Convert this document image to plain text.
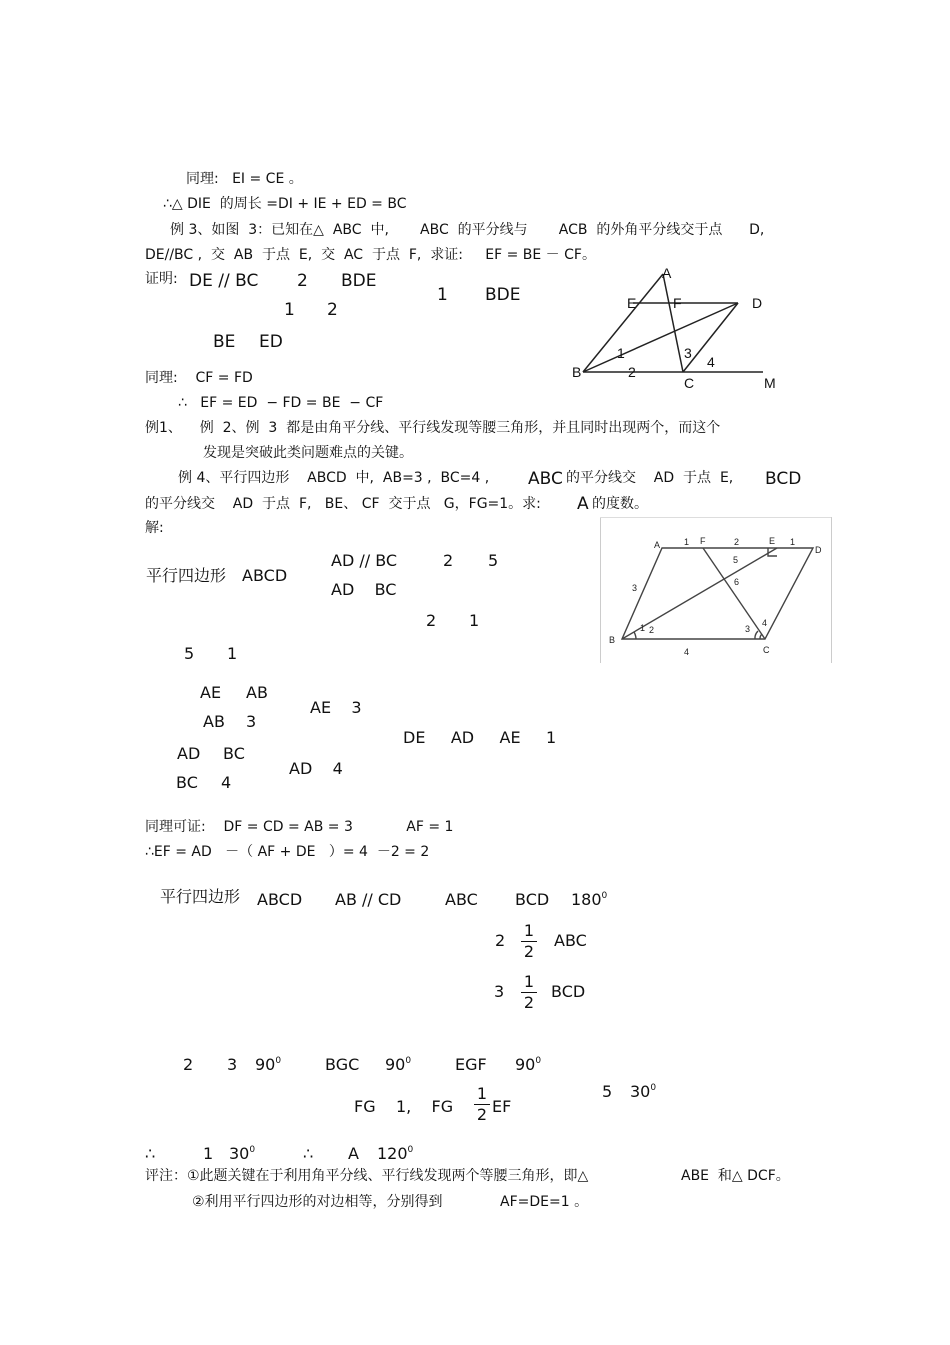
同理:   EI = CE 。
∴△ DIE  的周长 =DI + IE + ED = BC
例 3、如图  3：已知在△  ABC  中,       ABC  的平分线与       ACB  的外角平分线交于点      D,
DE//BC ,  交  AB  于点  E,  交  AC  于点  F,  求证:     EF = BE － CF。
证明: DE // BC 2 BDE
1 BDE
1 2
BE ED
同理:    CF = FD
∴   EF = ED  − FD = BE  − CF
例1、    例  2、例  3  都是由角平分线、平行线发现等腰三角形，并且同时出现两个，而这个
发现是突破此类问题难点的关键。
例 4、平行四边形    ABCD  中,  AB=3 ,  BC=4 , ABC 的平分线交    AD  于点  E, BCD
的平分线交    AD  于点  F,   BE、 CF  交于点   G，FG=1。求: A 的度数。
解:
平行四边形 ABCD
AD // BC	2 5
AD    BC
2 1
5 1
AE AB
AB 3
AE    3
DE     AD     AE     1
AD BC
BC 4
AD    4
同理可证:    DF = CD = AB = 3            AF = 1
∴EF = AD   －（ AF + DE   ）= 4  －2 = 2
平行四边形 ABCD AB // CD	ABC BCD $180^0$
2
1
2
ABC
3
1
2
BCD
2 3 $90^0$	BGC $90^0$	EGF $90^0$
5 $30^0$
FG    1,    FG
1
2 EF
∴	1 $30^0$	∴ A $120^0$
评注：①此题关键在于利用角平分线、平行线发现两个等腰三角形，即△	ABE  和△ DCF。
②利用平行四边形的对边相等，分别得到	AF=DE=1 。
A
E	F	D
B
C	M
1
2
3
4
A	F	E
D
B
C
6
1	2	1
3
4
1 2	3
4
5
